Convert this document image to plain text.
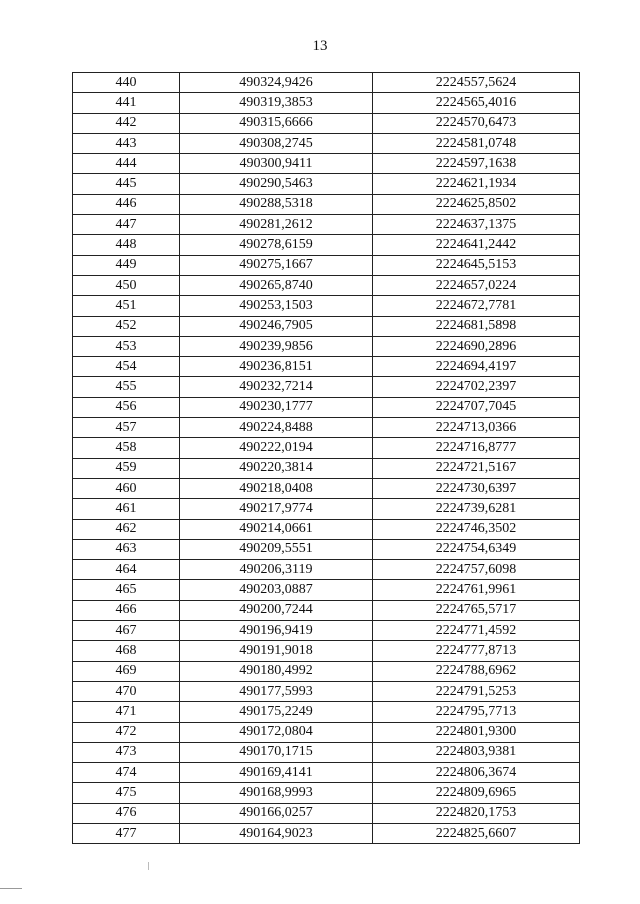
13
440	490324,9426	2224557,5624
441	490319,3853	2224565,4016
442	490315,6666	2224570,6473
443	490308,2745	2224581,0748
444	490300,9411	2224597,1638
445	490290,5463	2224621,1934
446	490288,5318	2224625,8502
447	490281,2612	2224637,1375
448	490278,6159	2224641,2442
449	490275,1667	2224645,5153
450	490265,8740	2224657,0224
451	490253,1503	2224672,7781
452	490246,7905	2224681,5898
453	490239,9856	2224690,2896
454	490236,8151	2224694,4197
455	490232,7214	2224702,2397
456	490230,1777	2224707,7045
457	490224,8488	2224713,0366
458	490222,0194	2224716,8777
459	490220,3814	2224721,5167
460	490218,0408	2224730,6397
461	490217,9774	2224739,6281
462	490214,0661	2224746,3502
463	490209,5551	2224754,6349
464	490206,3119	2224757,6098
465	490203,0887	2224761,9961
466	490200,7244	2224765,5717
467	490196,9419	2224771,4592
468	490191,9018	2224777,8713
469	490180,4992	2224788,6962
470	490177,5993	2224791,5253
471	490175,2249	2224795,7713
472	490172,0804	2224801,9300
473	490170,1715	2224803,9381
474	490169,4141	2224806,3674
475	490168,9993	2224809,6965
476	490166,0257	2224820,1753
477	490164,9023	2224825,6607
